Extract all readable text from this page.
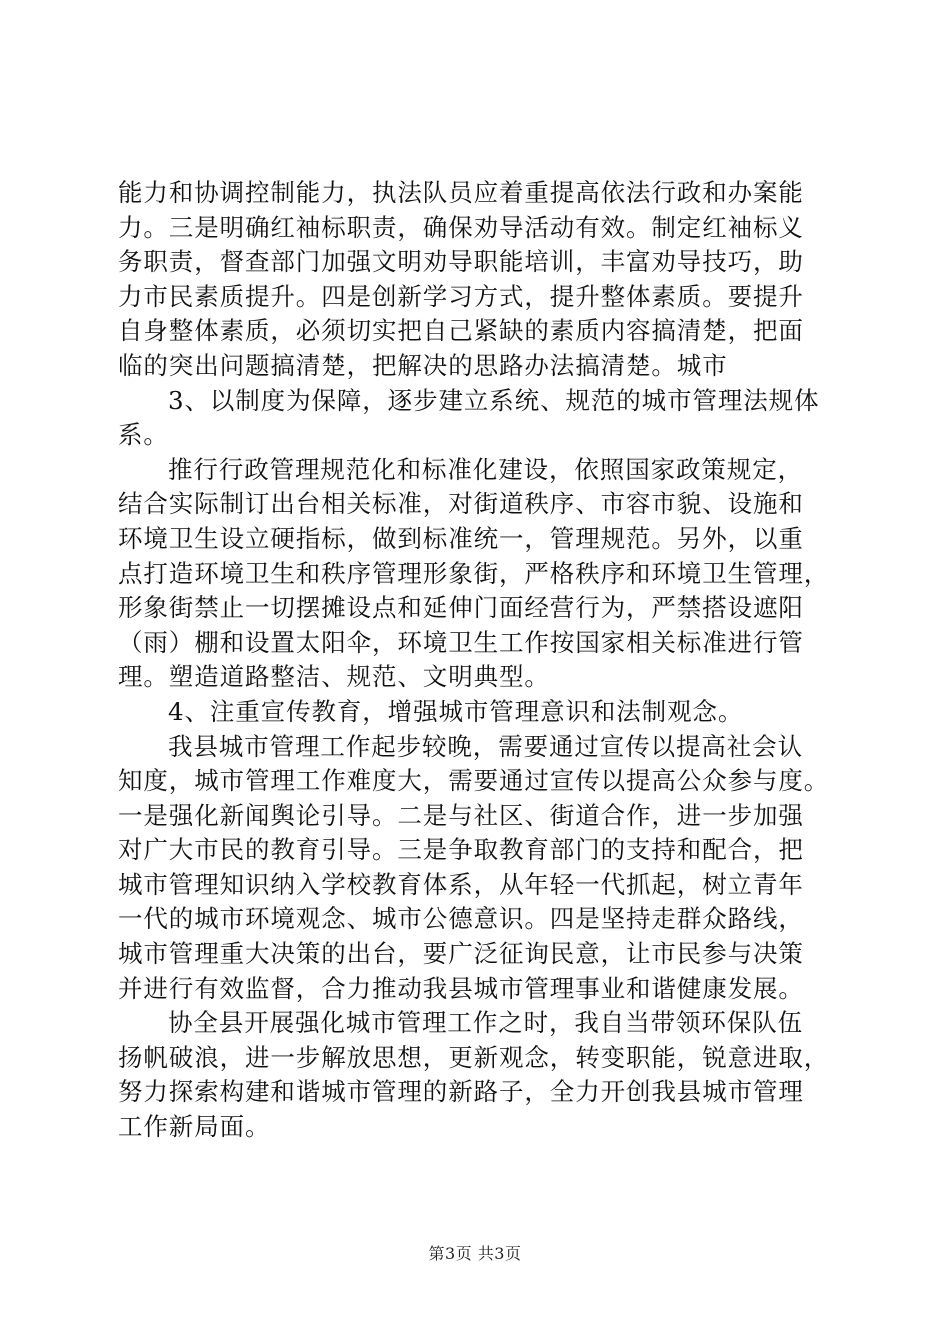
能力和协调控制能力，执法队员应着重提高依法行政和办案能
力。三是明确红袖标职责，确保劝导活动有效。制定红袖标义
务职责，督查部门加强文明劝导职能培训，丰富劝导技巧，助
力市民素质提升。四是创新学习方式，提升整体素质。要提升
自身整体素质，必须切实把自己紧缺的素质内容搞清楚，把面
临的突出问题搞清楚，把解决的思路办法搞清楚。城市
3、以制度为保障，逐步建立系统、规范的城市管理法规体
系。
推行行政管理规范化和标准化建设，依照国家政策规定，
结合实际制订出台相关标准，对街道秩序、市容市貌、设施和
环境卫生设立硬指标，做到标准统一，管理规范。另外，以重
点打造环境卫生和秩序管理形象街，严格秩序和环境卫生管理，
形象街禁止一切摆摊设点和延伸门面经营行为，严禁搭设遮阳
（雨）棚和设置太阳伞，环境卫生工作按国家相关标准进行管
理。塑造道路整洁、规范、文明典型。
4、注重宣传教育，增强城市管理意识和法制观念。
我县城市管理工作起步较晚，需要通过宣传以提高社会认
知度，城市管理工作难度大，需要通过宣传以提高公众参与度。
一是强化新闻舆论引导。二是与社区、街道合作，进一步加强
对广大市民的教育引导。三是争取教育部门的支持和配合，把
城市管理知识纳入学校教育体系，从年轻一代抓起，树立青年
一代的城市环境观念、城市公德意识。四是坚持走群众路线，
城市管理重大决策的出台，要广泛征询民意，让市民参与决策
并进行有效监督，合力推动我县城市管理事业和谐健康发展。
协全县开展强化城市管理工作之时，我自当带领环保队伍
扬帆破浪，进一步解放思想，更新观念，转变职能，锐意进取，
努力探索构建和谐城市管理的新路子，全力开创我县城市管理
工作新局面。
第3页 共3页
